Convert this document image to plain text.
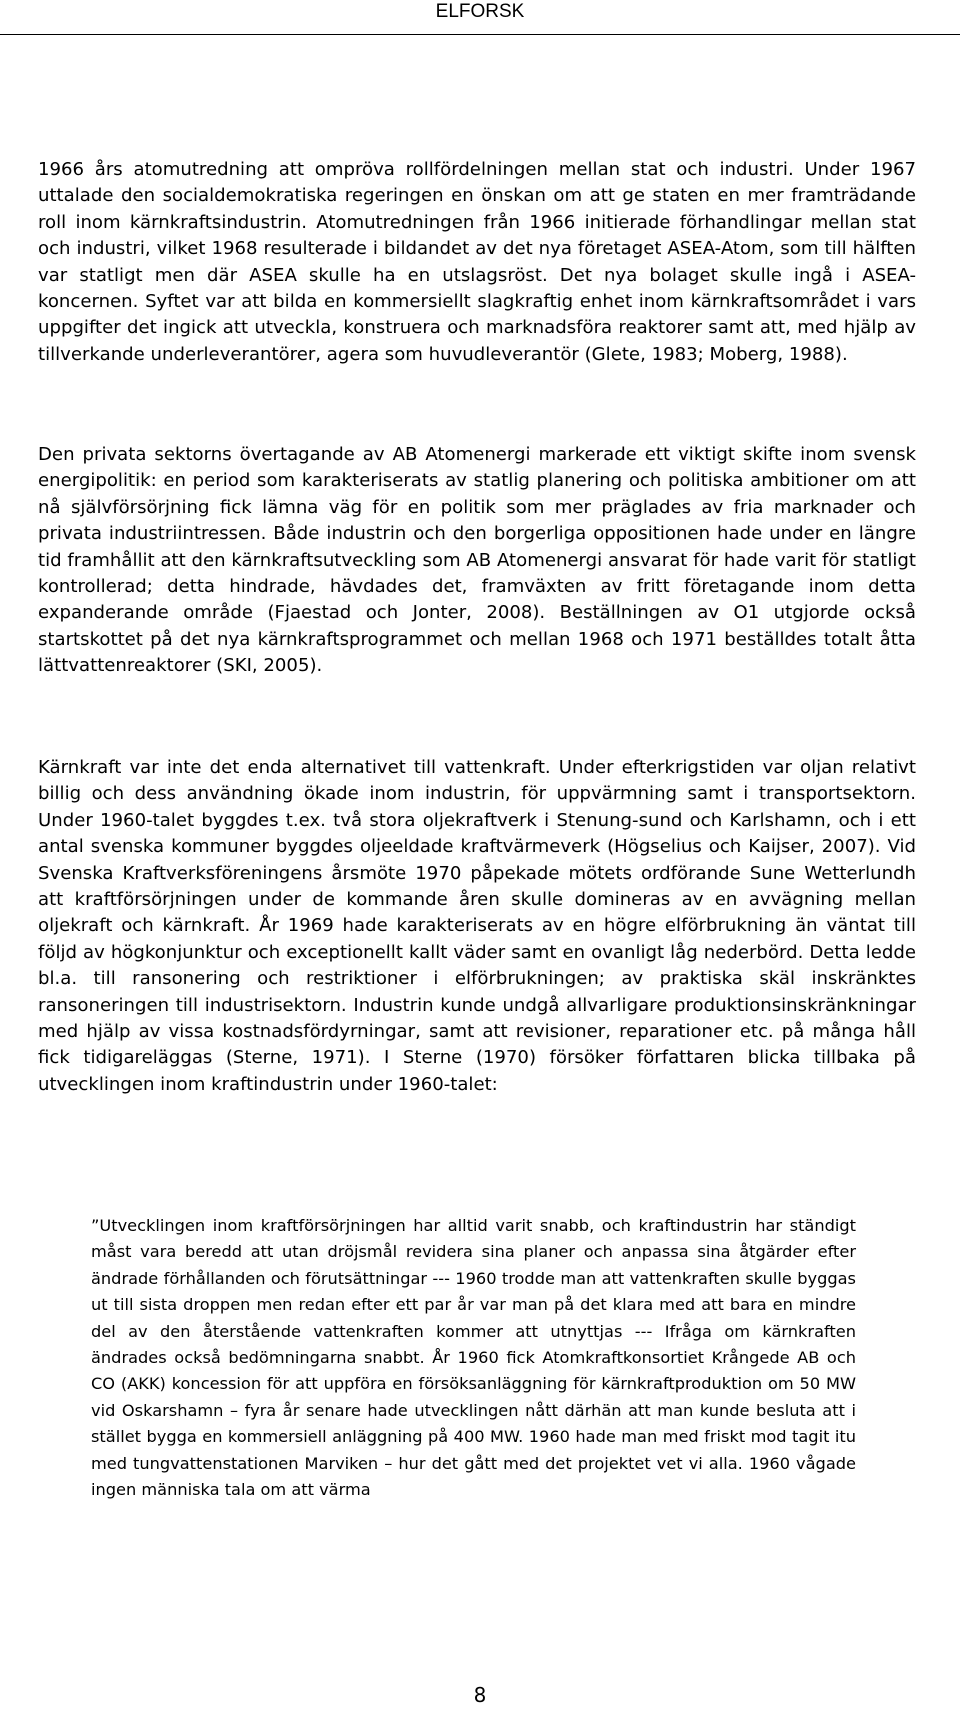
ELFORSK

1966 års atomutredning att ompröva rollfördelningen mellan stat och industri. Under 1967 uttalade den socialdemokratiska regeringen en önskan om att ge staten en mer framträdande roll inom kärnkraftsindustrin. Atomutredningen från 1966 initierade förhandlingar mellan stat och industri, vilket 1968 resulterade i bildandet av det nya företaget ASEA-Atom, som till hälften var statligt men där ASEA skulle ha en utslagsröst. Det nya bolaget skulle ingå i ASEA-koncernen. Syftet var att bilda en kommersiellt slagkraftig enhet inom kärnkraftsområdet i vars uppgifter det ingick att utveckla, konstruera och marknadsföra reaktorer samt att, med hjälp av tillverkande underleverantörer, agera som huvudleverantör (Glete, 1983; Moberg, 1988).

Den privata sektorns övertagande av AB Atomenergi markerade ett viktigt skifte inom svensk energipolitik: en period som karakteriserats av statlig planering och politiska ambitioner om att nå självförsörjning fick lämna väg för en politik som mer präglades av fria marknader och privata industriintressen. Både industrin och den borgerliga oppositionen hade under en längre tid framhållit att den kärnkraftsutveckling som AB Atomenergi ansvarat för hade varit för statligt kontrollerad; detta hindrade, hävdades det, framväxten av fritt företagande inom detta expanderande område (Fjaestad och Jonter, 2008). Beställningen av O1 utgjorde också startskottet på det nya kärnkraftsprogrammet och mellan 1968 och 1971 beställdes totalt åtta lättvattenreaktorer (SKI, 2005).

Kärnkraft var inte det enda alternativet till vattenkraft. Under efterkrigstiden var oljan relativt billig och dess användning ökade inom industrin, för uppvärmning samt i transportsektorn. Under 1960-talet byggdes t.ex. två stora oljekraftverk i Stenung-sund och Karlshamn, och i ett antal svenska kommuner byggdes oljeeldade kraftvärmeverk (Högselius och Kaijser, 2007). Vid Svenska Kraftverksföreningens årsmöte 1970 påpekade mötets ordförande Sune Wetterlundh att kraftförsörjningen under de kommande åren skulle domineras av en avvägning mellan oljekraft och kärnkraft. År 1969 hade karakteriserats av en högre elförbrukning än väntat till följd av högkonjunktur och exceptionellt kallt väder samt en ovanligt låg nederbörd. Detta ledde bl.a. till ransonering och restriktioner i elförbrukningen; av praktiska skäl inskränktes ransoneringen till industrisektorn. Industrin kunde undgå allvarligare produktionsinskränkningar med hjälp av vissa kostnadsfördyrningar, samt att revisioner, reparationer etc. på många håll fick tidigareläggas (Sterne, 1971). I Sterne (1970) försöker författaren blicka tillbaka på utvecklingen inom kraftindustrin under 1960-talet:

”Utvecklingen inom kraftförsörjningen har alltid varit snabb, och kraftindustrin har ständigt måst vara beredd att utan dröjsmål revidera sina planer och anpassa sina åtgärder efter ändrade förhållanden och förutsättningar --- 1960 trodde man att vattenkraften skulle byggas ut till sista droppen men redan efter ett par år var man på det klara med att bara en mindre del av den återstående vattenkraften kommer att utnyttjas --- Ifråga om kärnkraften ändrades också bedömningarna snabbt. År 1960 fick Atomkraftkonsortiet Krångede AB och CO (AKK) koncession för att uppföra en försöksanläggning för kärnkraftproduktion om 50 MW vid Oskarshamn – fyra år senare hade utvecklingen nått därhän att man kunde besluta att i stället bygga en kommersiell anläggning på 400 MW. 1960 hade man med friskt mod tagit itu med tungvattenstationen Marviken – hur det gått med det projektet vet vi alla. 1960 vågade ingen människa tala om att värma

8
